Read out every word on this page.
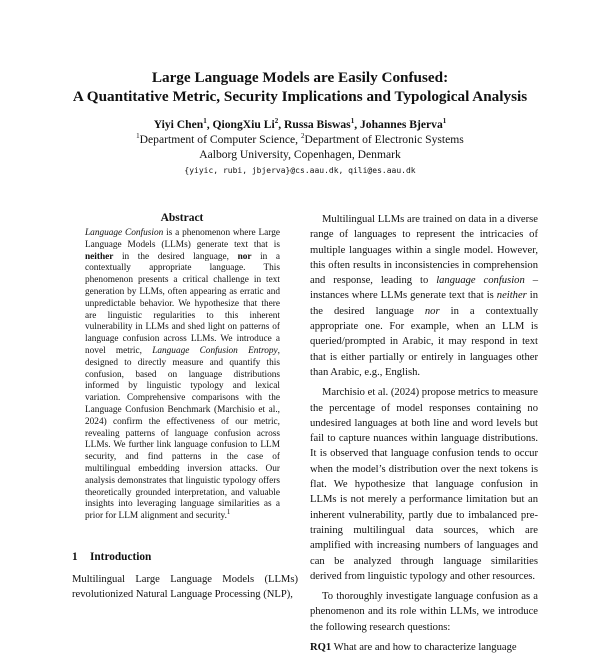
Large Language Models are Easily Confused:
A Quantitative Metric, Security Implications and Typological Analysis
Yiyi Chen$^1$, QiongXiu Li$^2$, Russa Biswas$^1$, Johannes Bjerva$^1$
$^1$Department of Computer Science, $^2$Department of Electronic Systems
Aalborg University, Copenhagen, Denmark
{yiyic, rubi, jbjerva}@cs.aau.dk, qili@es.aau.dk
Abstract
Language Confusion is a phenomenon where Large Language Models (LLMs) generate text that is neither in the desired language, nor in a contextually appropriate language. This phenomenon presents a critical challenge in text generation by LLMs, often appearing as erratic and unpredictable behavior. We hypothesize that there are linguistic regularities to this inherent vulnerability in LLMs and shed light on patterns of language confusion across LLMs. We introduce a novel metric, Language Confusion Entropy, designed to directly measure and quantify this confusion, based on language distributions informed by linguistic typology and lexical variation. Comprehensive comparisons with the Language Confusion Benchmark (Marchisio et al., 2024) confirm the effectiveness of our metric, revealing patterns of language confusion across LLMs. We further link language confusion to LLM security, and find patterns in the case of multilingual embedding inversion attacks. Our analysis demonstrates that linguistic typology offers theoretically grounded interpretation, and valuable insights into leveraging language similarities as a prior for LLM alignment and security.$^1$
1 Introduction
Multilingual Large Language Models (LLMs) revolutionized Natural Language Processing (NLP),

Multilingual LLMs are trained on data in a diverse range of languages to represent the intricacies of multiple languages within a single model. However, this often results in inconsistencies in comprehension and response, leading to language confusion – instances where LLMs generate text that is neither in the desired language nor in a contextually appropriate one. For example, when an LLM is queried/prompted in Arabic, it may respond in text that is either partially or entirely in languages other than Arabic, e.g., English.

Marchisio et al. (2024) propose metrics to measure the percentage of model responses containing no undesired languages at both line and word levels but fail to capture nuances within language distributions. It is observed that language confusion tends to occur when the model’s distribution over the next tokens is flat. We hypothesize that language confusion in LLMs is not merely a performance limitation but an inherent vulnerability, partly due to imbalanced pre-training multilingual data sources, which are amplified with increasing numbers of languages and can be analyzed through language similarities derived from linguistic typology and other resources.

To thoroughly investigate language confusion as a phenomenon and its role within LLMs, we introduce the following research questions:

RQ1 What are and how to characterize language
